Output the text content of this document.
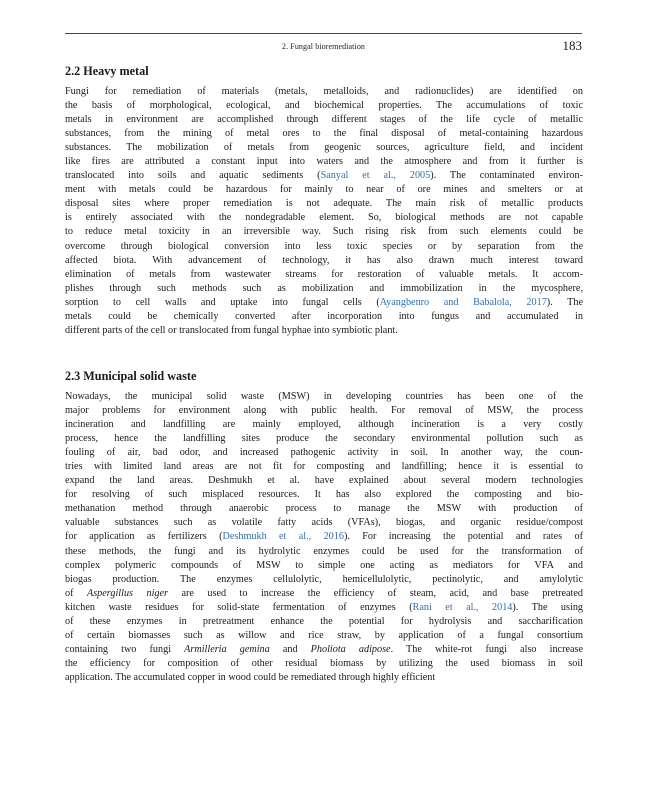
2. Fungal bioremediation	183
2.2 Heavy metal
Fungi for remediation of materials (metals, metalloids, and radionuclides) are identified on
the basis of morphological, ecological, and biochemical properties. The accumulations of toxic
metals in environment are accomplished through different stages of the life cycle of metallic
substances, from the mining of metal ores to the final disposal of metal-containing hazardous
substances. The mobilization of metals from geogenic sources, agriculture field, and incident
like fires are attributed a constant input into waters and the atmosphere and from it further is
translocated into soils and aquatic sediments (Sanyal et al., 2005). The contaminated environ-
ment with metals could be hazardous for mainly to near of ore mines and smelters or at
disposal sites where proper remediation is not adequate. The main risk of metallic products
is entirely associated with the nondegradable element. So, biological methods are not capable
to reduce metal toxicity in an irreversible way. Such rising risk from such elements could be
overcome through biological conversion into less toxic species or by separation from the
affected biota. With advancement of technology, it has also drawn much interest toward
elimination of metals from wastewater streams for restoration of valuable metals. It accom-
plishes through such methods such as mobilization and immobilization in the mycosphere,
sorption to cell walls and uptake into fungal cells (Ayangbenro and Babalola, 2017). The
metals could be chemically converted after incorporation into fungus and accumulated in
different parts of the cell or translocated from fungal hyphae into symbiotic plant.
2.3 Municipal solid waste
Nowadays, the municipal solid waste (MSW) in developing countries has been one of the
major problems for environment along with public health. For removal of MSW, the process
incineration and landfilling are mainly employed, although incineration is a very costly
process, hence the landfilling sites produce the secondary environmental pollution such as
fouling of air, bad odor, and increased pathogenic activity in soil. In another way, the coun-
tries with limited land areas are not fit for composting and landfilling; hence it is essential to
expand the land areas. Deshmukh et al. have explained about several modern technologies
for resolving of such misplaced resources. It has also explored the composting and bio-
methanation method through anaerobic process to manage the MSW with production of
valuable substances such as volatile fatty acids (VFAs), biogas, and organic residue/compost
for application as fertilizers (Deshmukh et al., 2016). For increasing the potential and rates of
these methods, the fungi and its hydrolytic enzymes could be used for the transformation of
complex polymeric compounds of MSW to simple one acting as mediators for VFA and
biogas production. The enzymes cellulolytic, hemicellulolytic, pectinolytic, and amylolytic
of Aspergillus niger are used to increase the efficiency of steam, acid, and base pretreated
kitchen waste residues for solid-state fermentation of enzymes (Rani et al., 2014). The using
of these enzymes in pretreatment enhance the potential for hydrolysis and saccharification
of certain biomasses such as willow and rice straw, by application of a fungal consortium
containing two fungi Armilleria gemina and Pholiota adipose. The white-rot fungi also increase
the efficiency for composition of other residual biomass by utilizing the used biomass in soil
application. The accumulated copper in wood could be remediated through highly efficient
